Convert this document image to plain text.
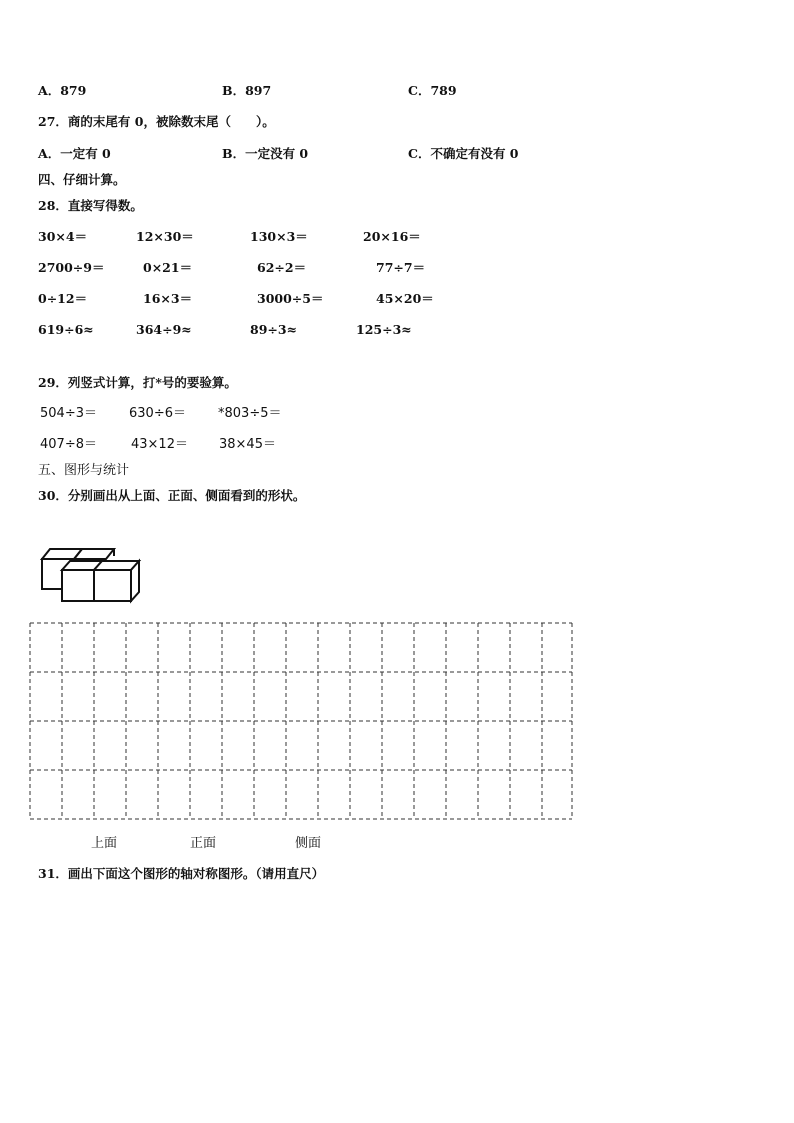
A．879	B．897	C．789
27．商的末尾有 0，被除数末尾（　　）。
A．一定有 0	B．一定没有 0	C．不确定有没有 0
四、仔细计算。
28．直接写得数。
30×4＝	12×30＝	130×3＝	20×16＝
2700÷9＝	0×21＝	62÷2＝	77÷7＝
0÷12＝	16×3＝	3000÷5＝	45×20＝
619÷6≈	364÷9≈	89÷3≈	125÷3≈
29．列竖式计算，打*号的要验算。
504÷3＝ 630÷6＝ *803÷5＝
407÷8＝	43×12＝ 38×45＝
五、图形与统计
30．分别画出从上面、正面、侧面看到的形状。
上面	正面	侧面
31．画出下面这个图形的轴对称图形。（请用直尺）
